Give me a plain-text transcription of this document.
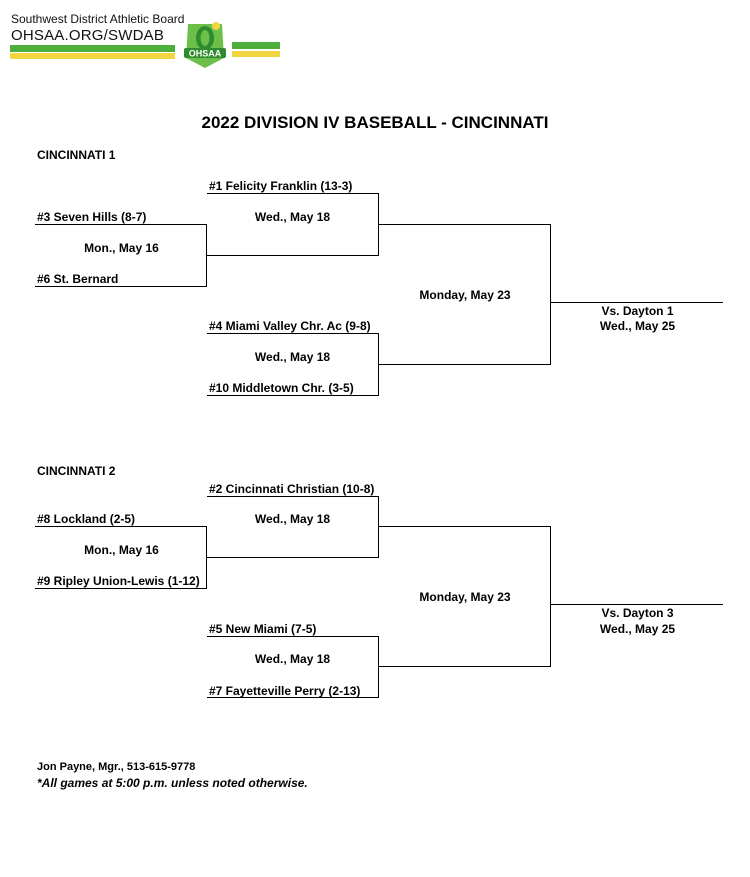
Southwest District Athletic Board
OHSAA.ORG/SWDAB
OHSAA
2022 DIVISION IV BASEBALL - CINCINNATI
CINCINNATI 1
#1 Felicity Franklin (13-3)
Wed., May 18
#3 Seven Hills (8-7)
Mon., May 16
#6 St. Bernard
#4 Miami Valley Chr. Ac (9-8)
Wed., May 18
#10 Middletown Chr. (3-5)
Monday, May 23
Vs. Dayton 1
Wed., May 25
CINCINNATI 2
#2 Cincinnati Christian (10-8)
Wed., May 18
#8 Lockland (2-5)
Mon., May 16
#9 Ripley Union-Lewis (1-12)
#5 New Miami (7-5)
Wed., May 18
#7 Fayetteville Perry (2-13)
Monday, May 23
Vs. Dayton 3
Wed., May 25
Jon Payne, Mgr., 513-615-9778
*All games at 5:00 p.m. unless noted otherwise.
